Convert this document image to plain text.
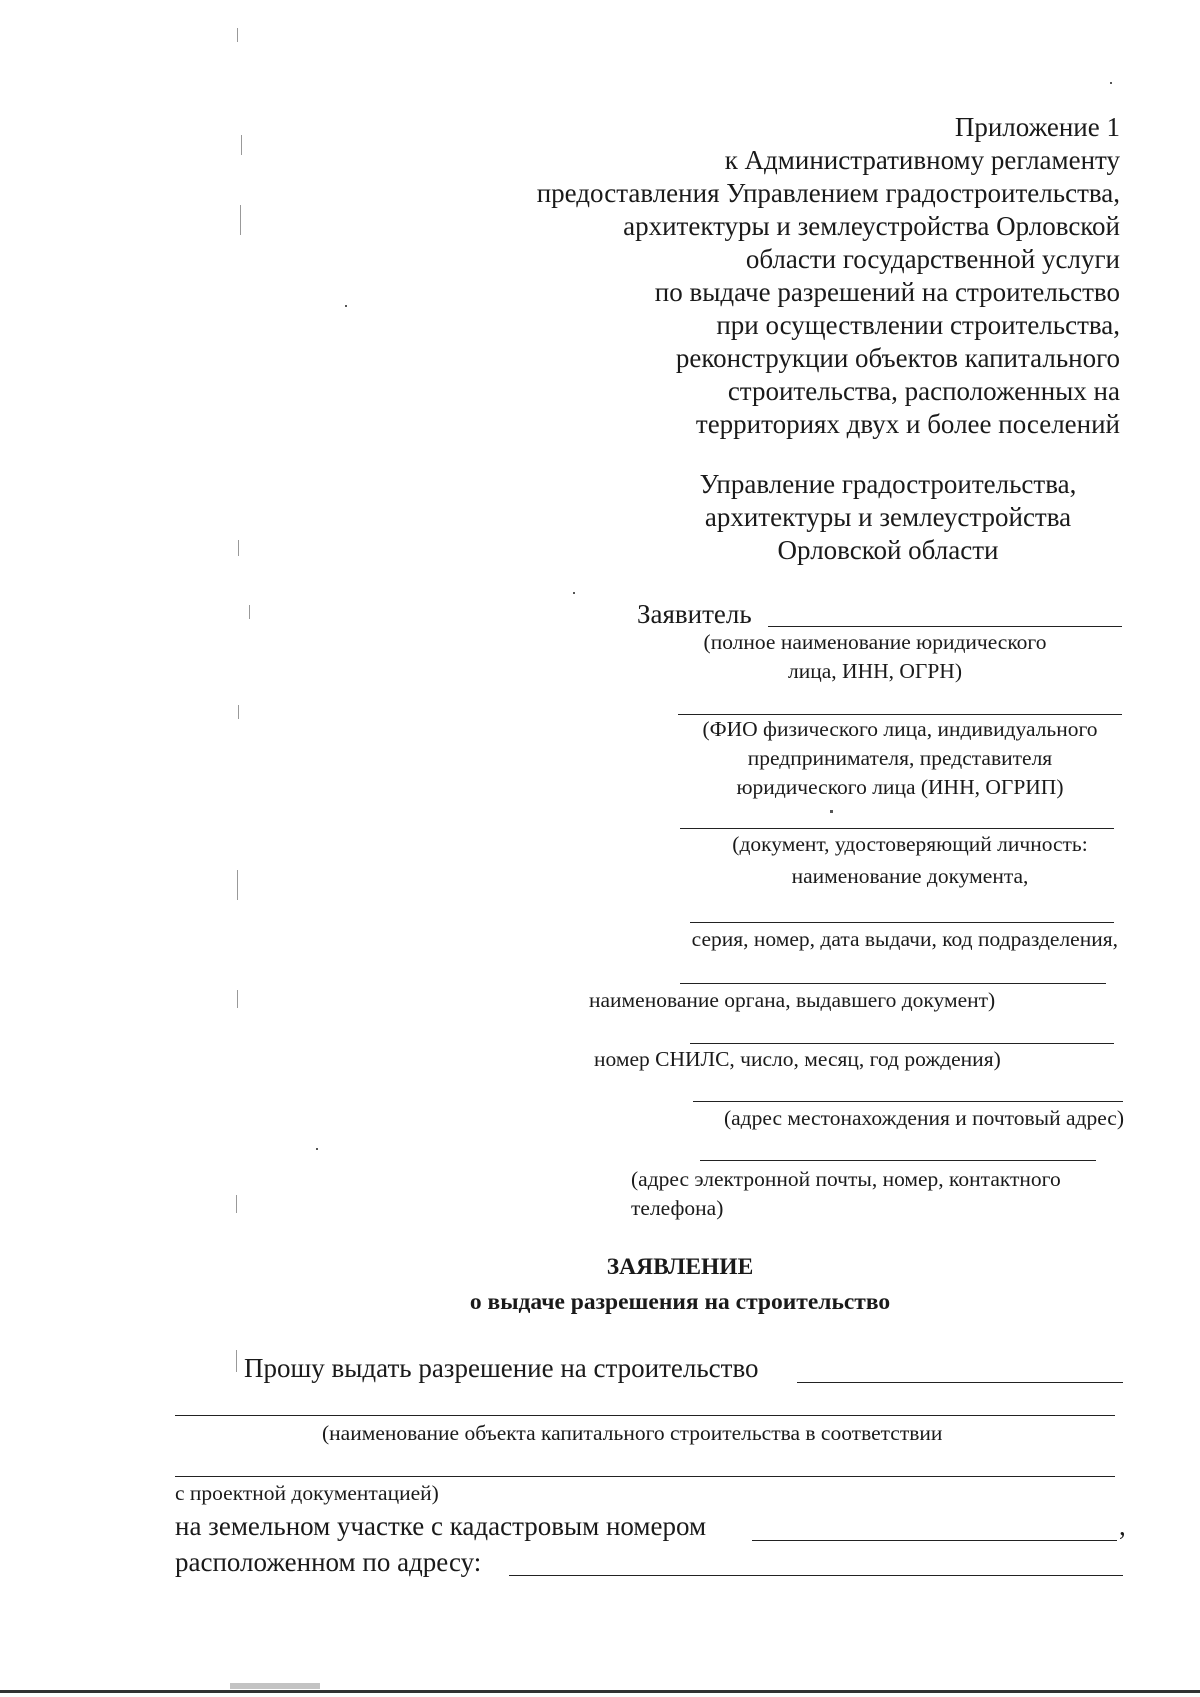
Приложение 1
к Административному регламенту
предоставления Управлением градостроительства,
архитектуры и землеустройства Орловской
области государственной услуги
по выдаче разрешений на строительство
при осуществлении строительства,
реконструкции объектов капитального
строительства, расположенных на
территориях двух и более поселений
Управление градостроительства,
архитектуры и землеустройства
Орловской области
Заявитель
(полное наименование юридического
лица, ИНН, ОГРН)
(ФИО физического лица, индивидуального
предпринимателя, представителя
юридического лица (ИНН, ОГРИП)
(документ, удостоверяющий личность:
наименование документа,
серия, номер, дата выдачи, код подразделения,
наименование органа, выдавшего документ)
номер СНИЛС, число, месяц, год рождения)
(адрес местонахождения и почтовый адрес)
(адрес электронной почты, номер, контактного
телефона)
ЗАЯВЛЕНИЕ
о выдаче разрешения на строительство
Прошу выдать разрешение на строительство
(наименование объекта капитального строительства в соответствии
с проектной документацией)
на земельном участке с кадастровым номером	,
расположенном по адресу:
